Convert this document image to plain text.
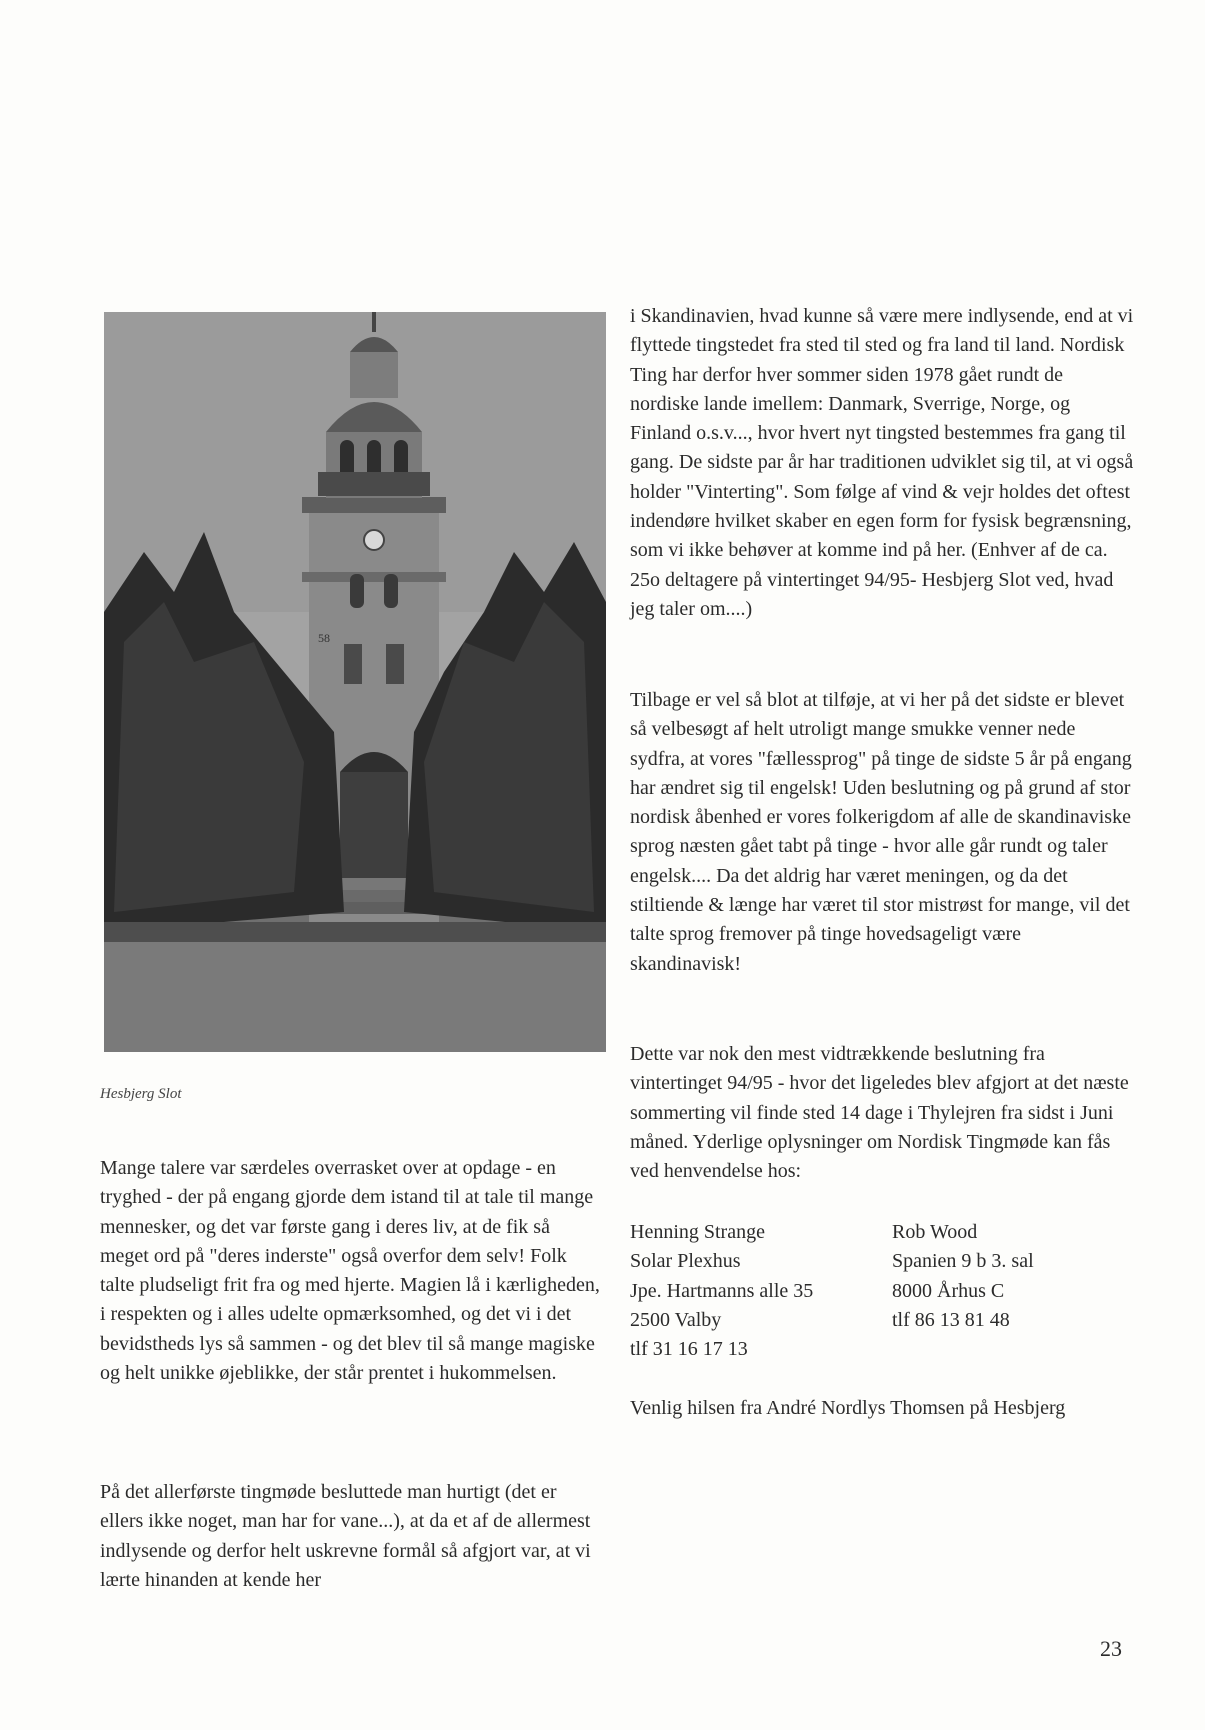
58
Hesbjerg Slot

Mange talere var særdeles overrasket over at opdage - en tryghed - der på engang gjorde dem istand til at tale til mange mennesker, og det var første gang i deres liv, at de fik så meget ord på "deres inderste" også overfor dem selv! Folk talte pludseligt frit fra og med hjerte. Magien lå i kærligheden, i respekten og i alles udelte opmærksomhed, og det vi i det bevidstheds lys så sammen - og det blev til så mange magiske og helt unikke øjeblikke, der står prentet i hukommelsen.

På det allerførste tingmøde besluttede man hurtigt (det er ellers ikke noget, man har for vane...), at da et af de allermest indlysende og derfor helt uskrevne formål så afgjort var, at vi lærte hinanden at kende her

i Skandinavien, hvad kunne så være mere indlysende, end at vi flyttede tingstedet fra sted til sted og fra land til land. Nordisk Ting har derfor hver sommer siden 1978 gået rundt de nordiske lande imellem: Danmark, Sverrige, Norge, og Finland o.s.v..., hvor hvert nyt tingsted bestemmes fra gang til gang. De sidste par år har traditionen udviklet sig til, at vi også holder "Vinterting". Som følge af vind & vejr holdes det oftest indendøre hvilket skaber en egen form for fysisk begrænsning, som vi ikke behøver at komme ind på her. (Enhver af de ca. 25o deltagere på vintertinget 94/95- Hesbjerg Slot ved, hvad jeg taler om....)

Tilbage er vel så blot at tilføje, at vi her på det sidste er blevet så velbesøgt af helt utroligt mange smukke venner nede sydfra, at vores "fællessprog" på tinge de sidste 5 år på engang har ændret sig til engelsk! Uden beslutning og på grund af stor nordisk åbenhed er vores folkerigdom af alle de skandinaviske sprog næsten gået tabt på tinge - hvor alle går rundt og taler engelsk.... Da det aldrig har været meningen, og da det stiltiende & længe har været til stor mistrøst for mange, vil det talte sprog fremover på tinge hovedsageligt være skandinavisk!

Dette var nok den mest vidtrækkende beslutning fra vintertinget 94/95 - hvor det ligeledes blev afgjort at det næste sommerting vil finde sted 14 dage i Thylejren fra sidst i Juni måned. Yderlige oplysninger om Nordisk Tingmøde kan fås ved henvendelse hos:

Henning Strange
Solar Plexhus
Jpe. Hartmanns alle 35
2500 Valby
tlf 31 16 17 13
Rob Wood
Spanien 9 b 3. sal
8000 Århus C
tlf 86 13 81 48
Venlig hilsen fra André Nordlys Thomsen på Hesbjerg
23
